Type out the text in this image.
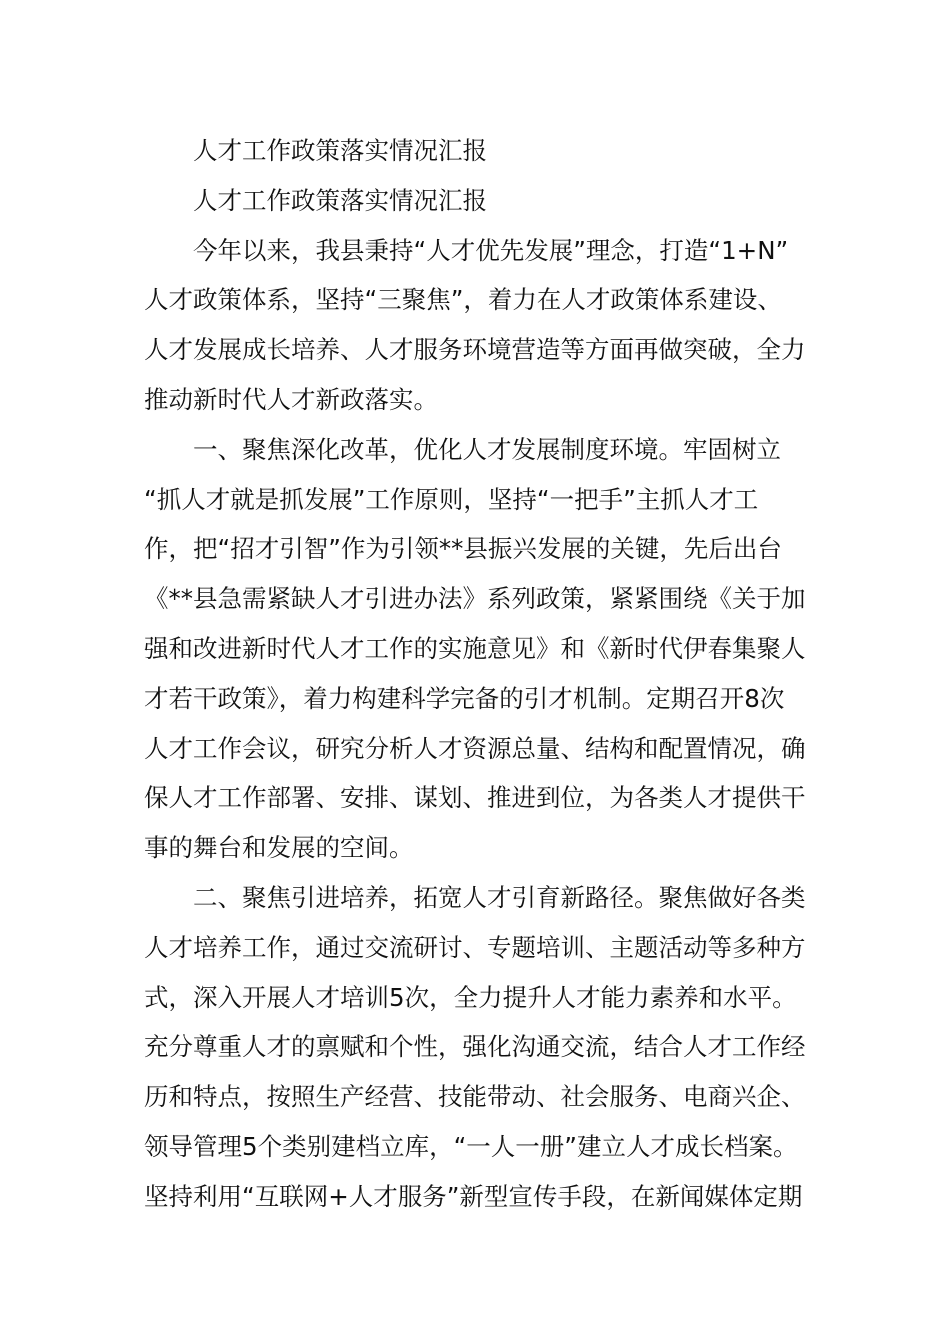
人才工作政策落实情况汇报
人才工作政策落实情况汇报
今年以来，我县秉持“人才优先发展”理念，打造“1+N”
人才政策体系，坚持“三聚焦”，着力在人才政策体系建设、
人才发展成长培养、人才服务环境营造等方面再做突破，全力
推动新时代人才新政落实。
一、聚焦深化改革，优化人才发展制度环境。牢固树立
“抓人才就是抓发展”工作原则，坚持“一把手”主抓人才工
作，把“招才引智”作为引领**县振兴发展的关键，先后出台
《**县急需紧缺人才引进办法》系列政策，紧紧围绕《关于加
强和改进新时代人才工作的实施意见》和《新时代伊春集聚人
才若干政策》，着力构建科学完备的引才机制。定期召开8次
人才工作会议，研究分析人才资源总量、结构和配置情况，确
保人才工作部署、安排、谋划、推进到位，为各类人才提供干
事的舞台和发展的空间。
二、聚焦引进培养，拓宽人才引育新路径。聚焦做好各类
人才培养工作，通过交流研讨、专题培训、主题活动等多种方
式，深入开展人才培训5次，全力提升人才能力素养和水平。
充分尊重人才的禀赋和个性，强化沟通交流，结合人才工作经
历和特点，按照生产经营、技能带动、社会服务、电商兴企、
领导管理5个类别建档立库，“一人一册”建立人才成长档案。
坚持利用“互联网+人才服务”新型宣传手段，在新闻媒体定期
